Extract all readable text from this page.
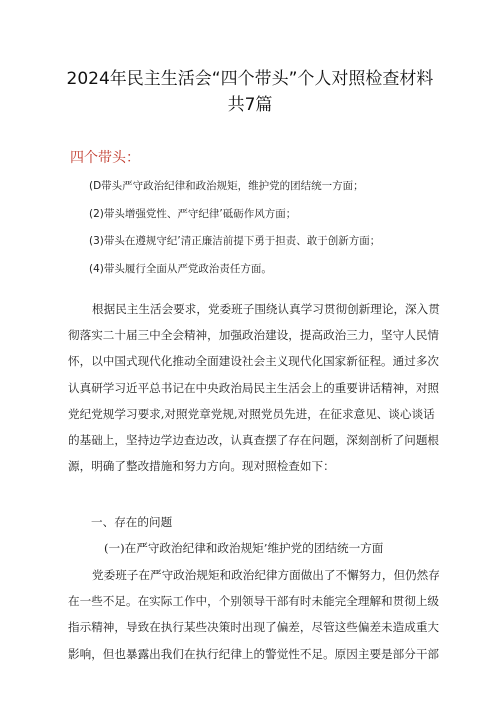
2024年民主生活会“四个带头”个人对照检查材料
共7篇
四个带头：
(D带头严守政治纪律和政治规矩，维护党的团结统一方面；
(2)带头增强党性、严守纪律’砥砺作风方面；
(3)带头在遵规守纪’清正廉洁前提下勇于担责、敢于创新方面；
(4)带头履行全面从严党政治责任方面。
根据民主生活会要求，党委班子围绕认真学习贯彻创新理论，深入贯
彻落实二十届三中全会精神，加强政治建设，提高政治三力，坚守人民情
怀，以中国式现代化推动全面建设社会主义现代化国家新征程。通过多次
认真研学习近平总书记在中央政治局民主生活会上的重要讲话精神，对照
党纪党规学习要求,对照党章党规,对照党员先进，在征求意见、谈心谈话
的基础上，坚持边学边查边改，认真查摆了存在问题，深刻剖析了问题根
源，明确了整改措施和努力方向。现对照检查如下：
一、存在的问题
(一)在严守政治纪律和政治规矩’维护党的团结统一方面
党委班子在严守政治规矩和政治纪律方面做出了不懈努力，但仍然存
在一些不足。在实际工作中，个别领导干部有时未能完全理解和贯彻上级
指示精神，导致在执行某些决策时出现了偏差，尽管这些偏差未造成重大
影响，但也暴露出我们在执行纪律上的警觉性不足。原因主要是部分干部
